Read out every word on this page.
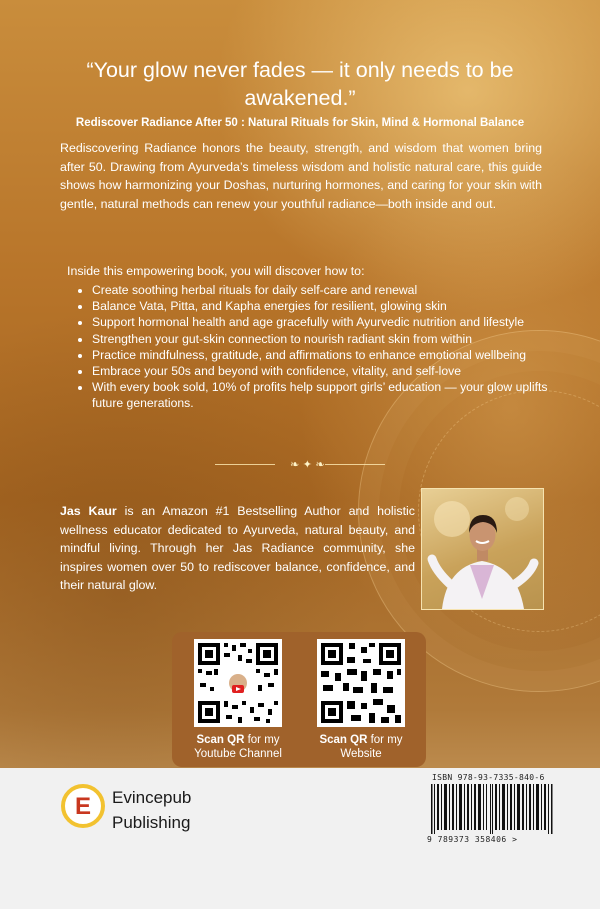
“Your glow never fades — it only needs to be
awakened.”
Rediscover Radiance After 50 : Natural Rituals for Skin, Mind & Hormonal Balance
Rediscovering Radiance honors the beauty, strength, and wisdom that women bring after 50. Drawing from Ayurveda’s timeless wisdom and holistic natural care, this guide shows how harmonizing your Doshas, nurturing hormones, and caring for your skin with gentle, natural methods can renew your youthful radiance—both inside and out.
Inside this empowering book, you will discover how to:
• Create soothing herbal rituals for daily self-care and renewal
• Balance Vata, Pitta, and Kapha energies for resilient, glowing skin
• Support hormonal health and age gracefully with Ayurvedic nutrition and lifestyle
• Strengthen your gut-skin connection to nourish radiant skin from within
• Practice mindfulness, gratitude, and affirmations to enhance emotional wellbeing
• Embrace your 50s and beyond with confidence, vitality, and self-love
• With every book sold, 10% of profits help support girls’ education — your glow uplifts future generations.
❧ ✦ ❧
Jas Kaur is an Amazon #1 Bestselling Author and holistic wellness educator dedicated to Ayurveda, natural beauty, and mindful living. Through her Jas Radiance community, she inspires women over 50 to rediscover balance, confidence, and their natural glow.
Scan QR for my
Youtube Channel
Scan QR for my
Website
E Evincepub
Publishing
ISBN 978-93-7335-840-6
9 789373 358406 >
